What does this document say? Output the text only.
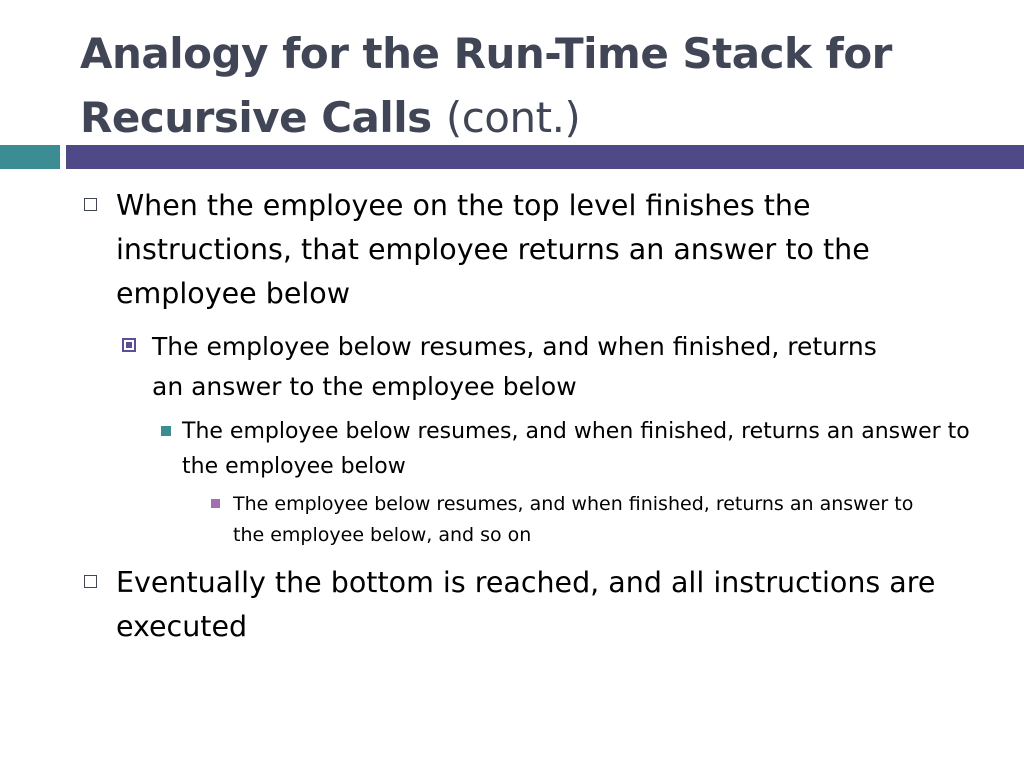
Analogy for the Run-Time Stack for Recursive Calls (cont.)
When the employee on the top level finishes the instructions, that employee returns an answer to the employee below
The employee below resumes, and when finished, returns an answer to the employee below
The employee below resumes, and when finished, returns an answer to the employee below
The employee below resumes, and when finished, returns an answer to the employee below, and so on
Eventually the bottom is reached, and all instructions are executed
